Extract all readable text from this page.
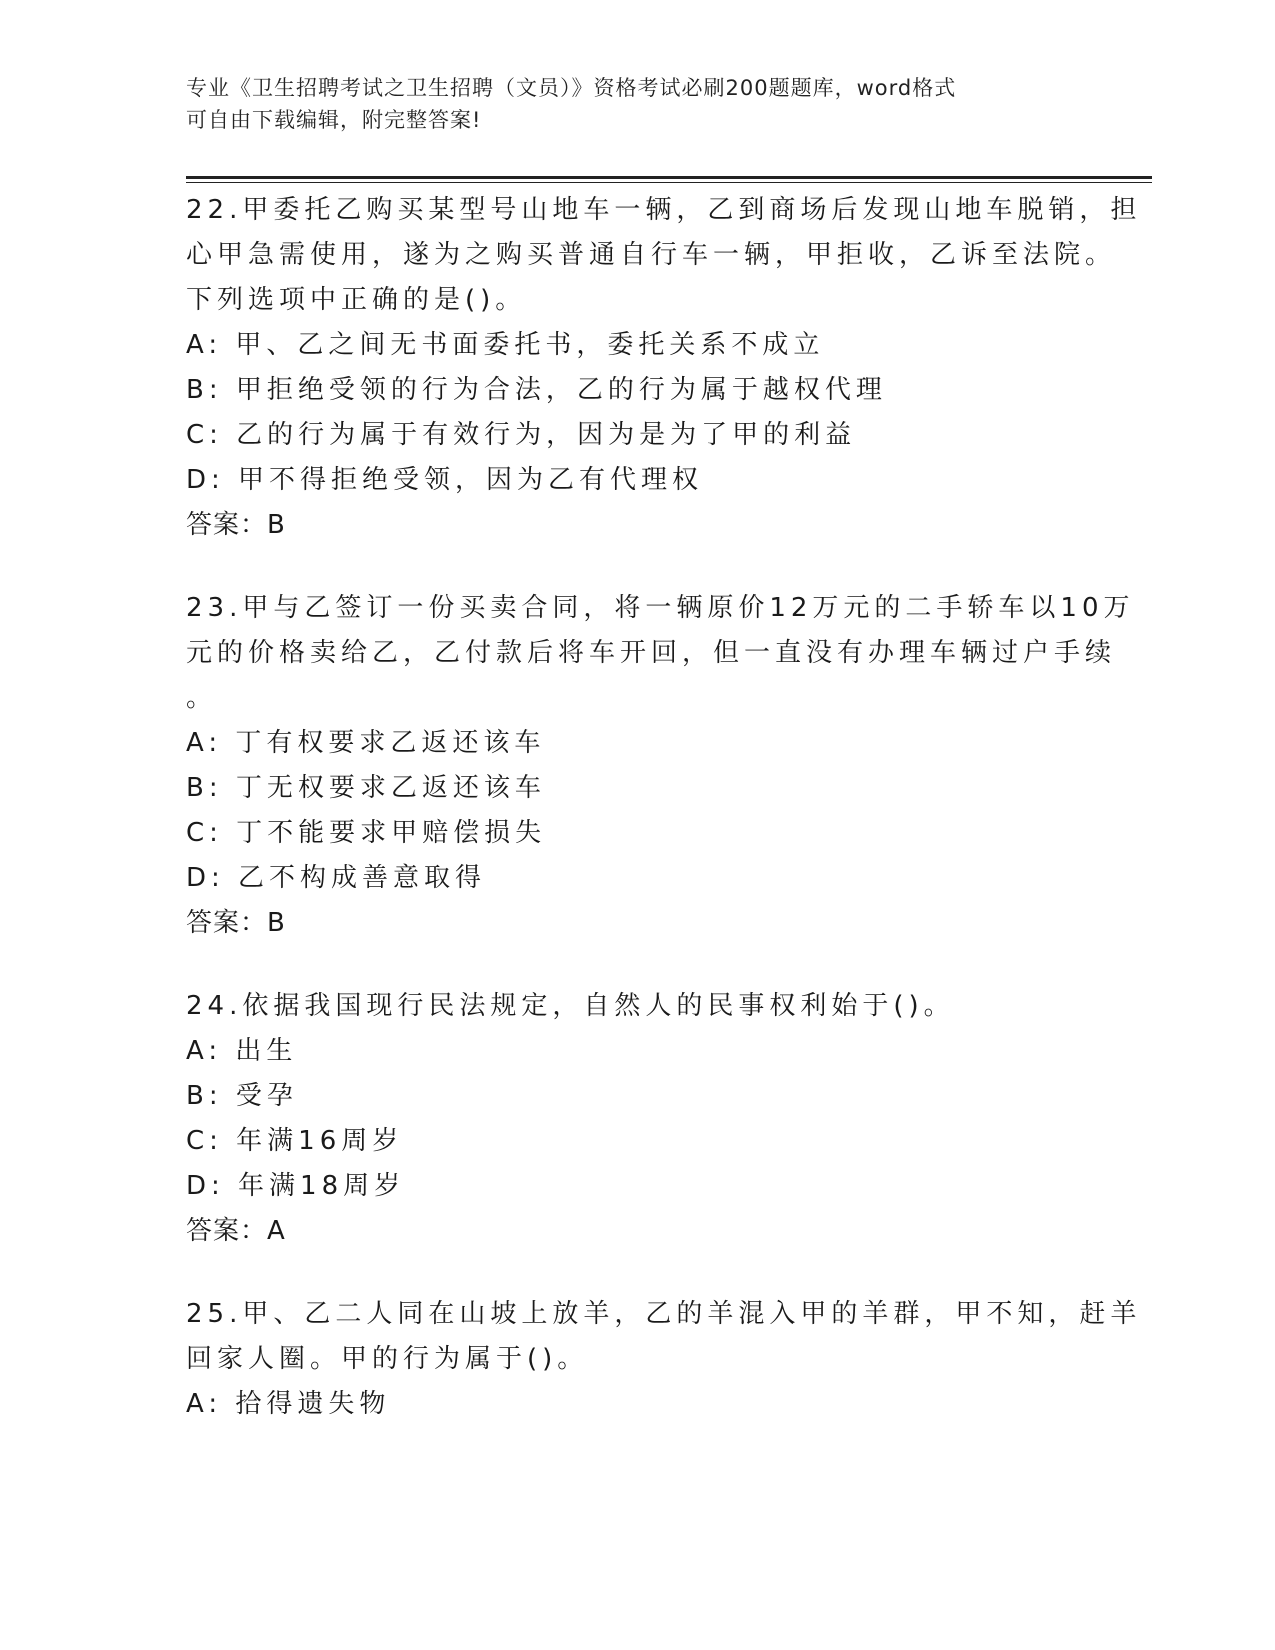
专业《卫生招聘考试之卫生招聘（文员）》资格考试必刷200题题库，word格式
可自由下载编辑，附完整答案!
22.甲委托乙购买某型号山地车一辆，乙到商场后发现山地车脱销，担
心甲急需使用，遂为之购买普通自行车一辆，甲拒收，乙诉至法院。
下列选项中正确的是()。
A: 甲、乙之间无书面委托书，委托关系不成立
B: 甲拒绝受领的行为合法，乙的行为属于越权代理
C: 乙的行为属于有效行为，因为是为了甲的利益
D: 甲不得拒绝受领，因为乙有代理权
答案：B
23.甲与乙签订一份买卖合同，将一辆原价12万元的二手轿车以10万
元的价格卖给乙，乙付款后将车开回，但一直没有办理车辆过户手续
。
A: 丁有权要求乙返还该车
B: 丁无权要求乙返还该车
C: 丁不能要求甲赔偿损失
D: 乙不构成善意取得
答案：B
24.依据我国现行民法规定，自然人的民事权利始于()。
A: 出生
B: 受孕
C: 年满16周岁
D: 年满18周岁
答案：A
25.甲、乙二人同在山坡上放羊，乙的羊混入甲的羊群，甲不知，赶羊
回家人圈。甲的行为属于()。
A: 拾得遗失物
